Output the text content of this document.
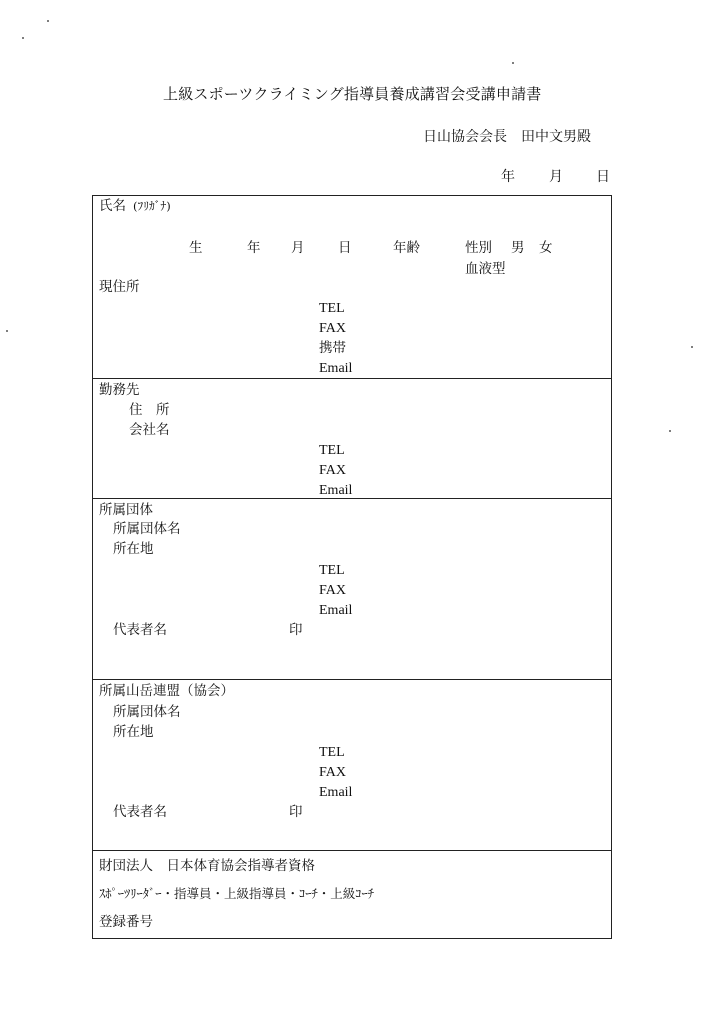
上級スポーツクライミング指導員養成講習会受講申請書
日山協会会長　田中文男殿
年 月 日
氏名 (ﾌﾘｶﾞﾅ)
生	年 月 日	年齢	性別 男 女
血液型
現住所
TEL
FAX
携帯
Email
勤務先
住　所
会社名
TEL
FAX
Email
所属団体
所属団体名
所在地
TEL
FAX
Email
代表者名	印
所属山岳連盟（協会）
所属団体名
所在地
TEL
FAX
Email
代表者名	印
財団法人　日本体育協会指導者資格
ｽﾎﾟｰﾂﾘｰﾀﾞｰ・指導員・上級指導員・ｺｰﾁ・上級ｺｰﾁ
登録番号
